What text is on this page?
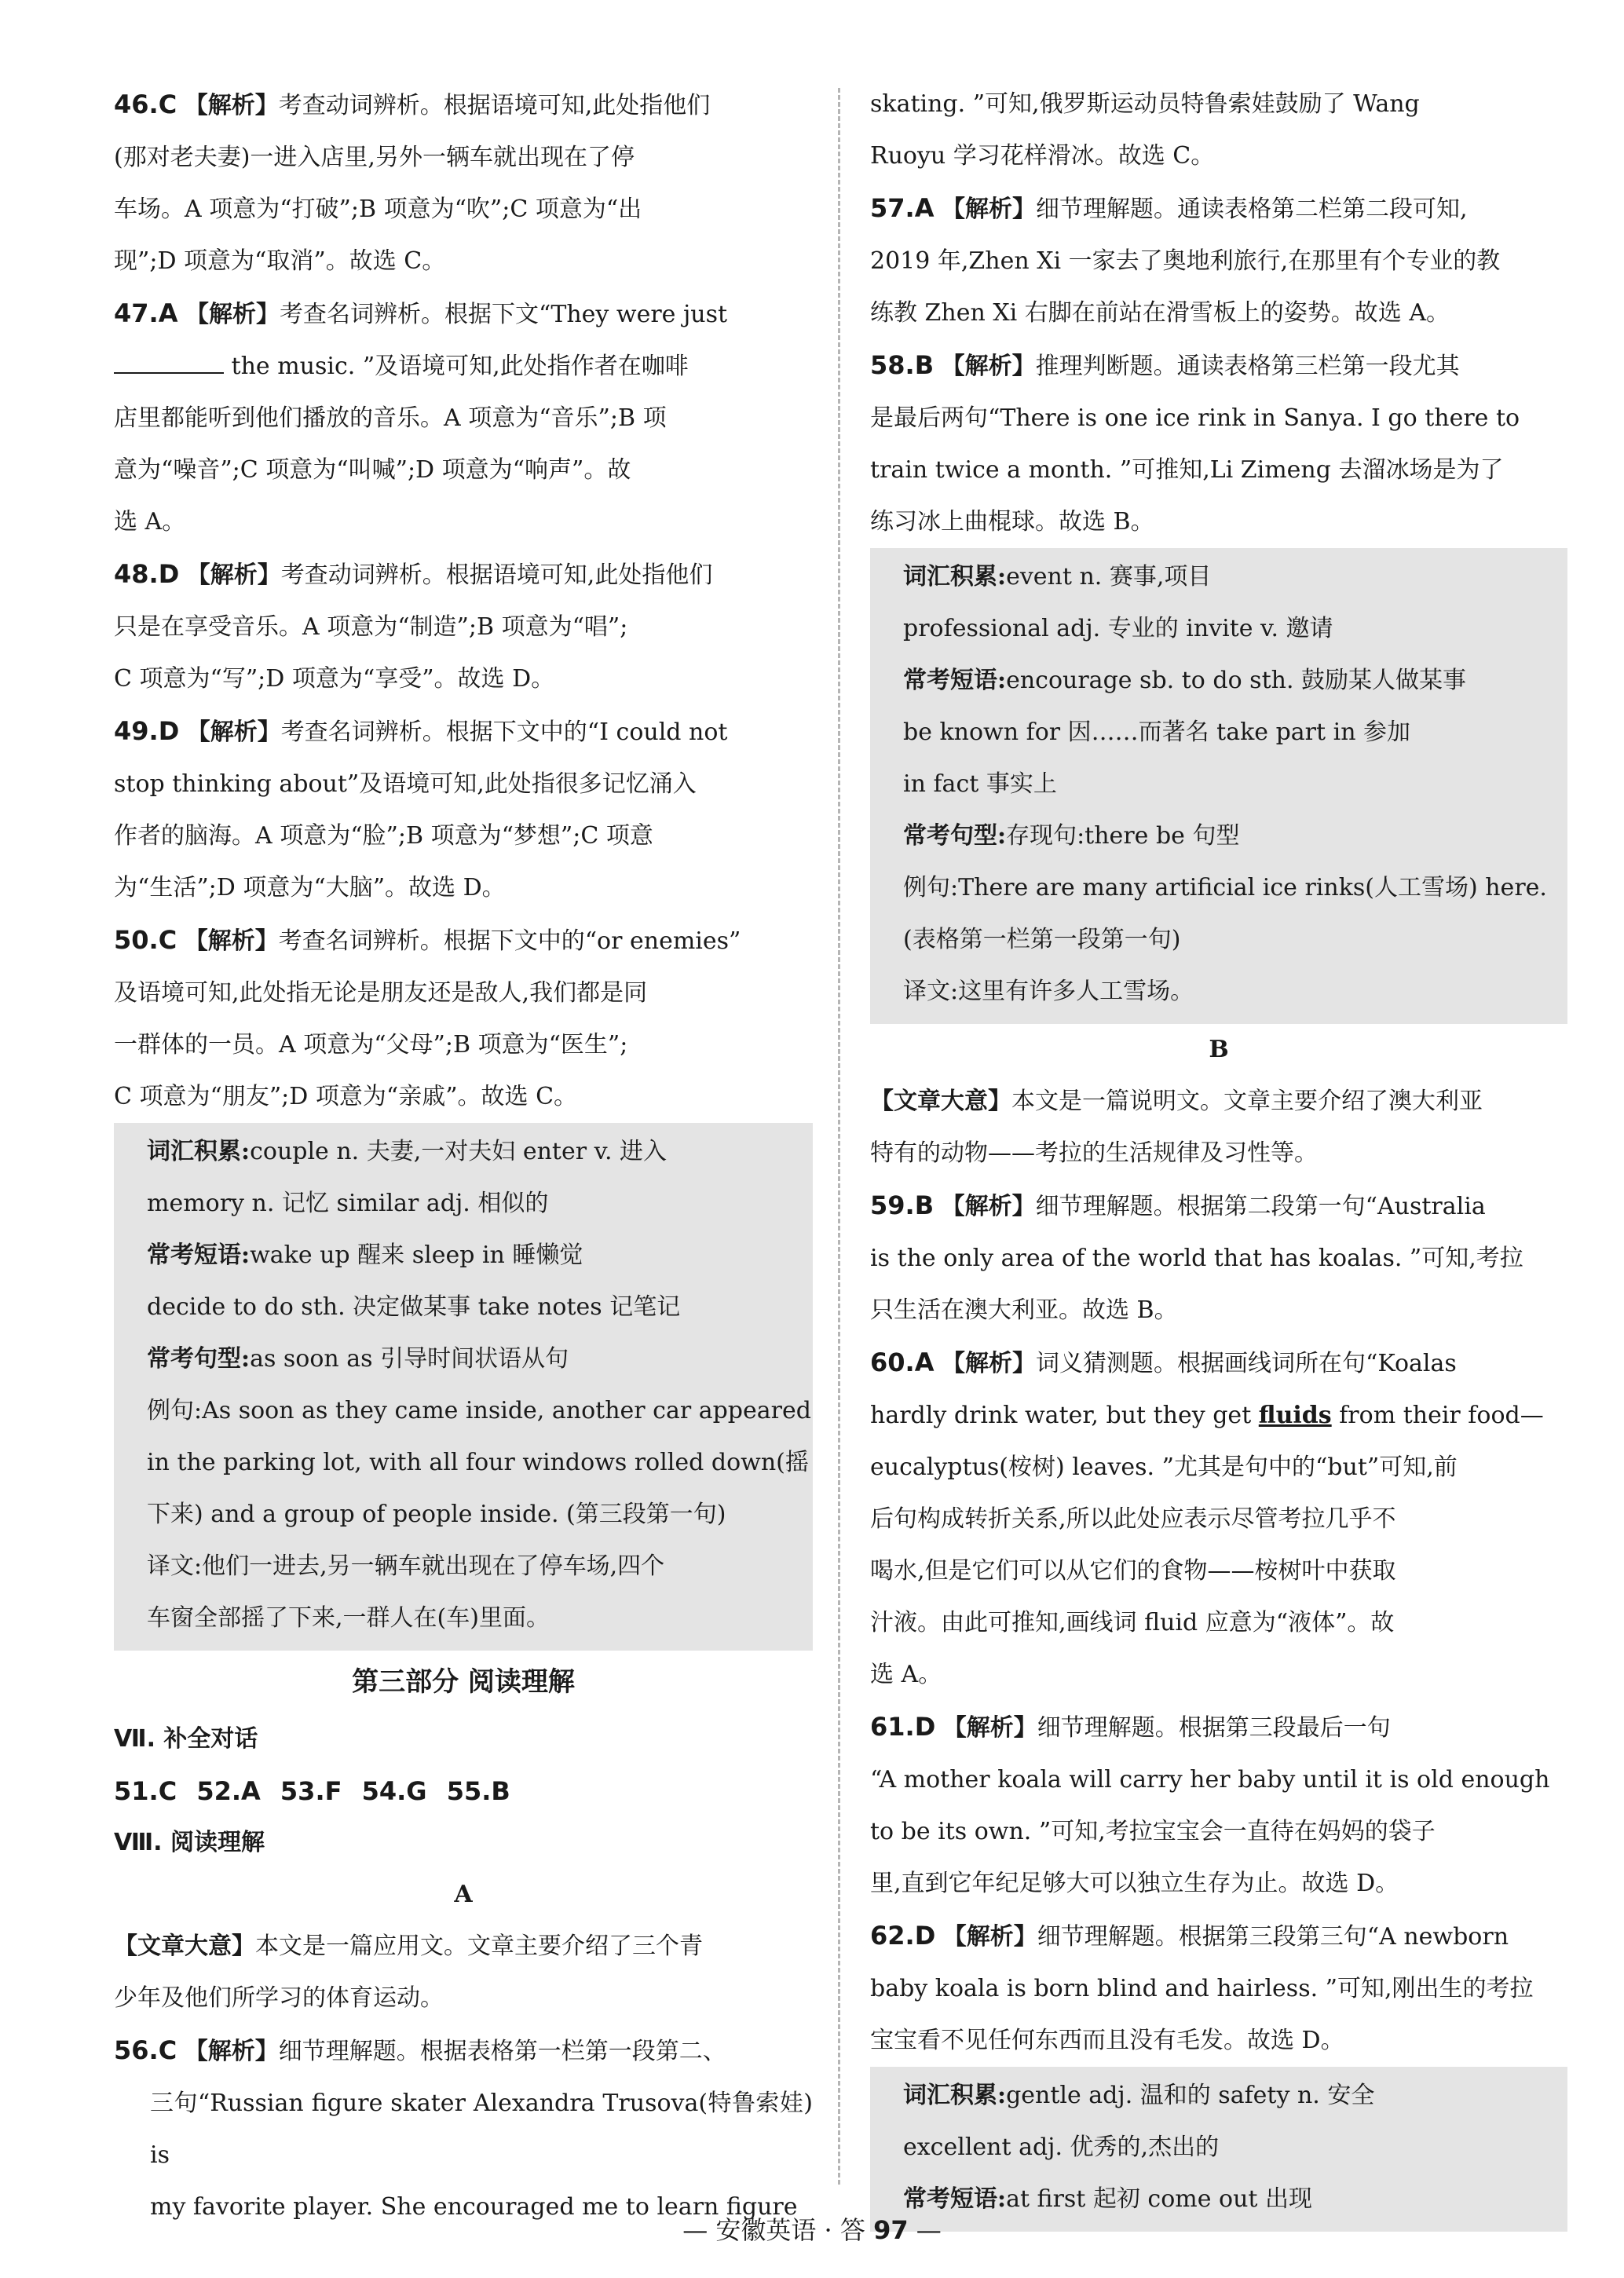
46.C 【解析】考查动词辨析。根据语境可知,此处指他们

(那对老夫妻)一进入店里,另外一辆车就出现在了停

车场。A 项意为“打破”;B 项意为“吹”;C 项意为“出

现”;D 项意为“取消”。故选 C。

47.A 【解析】考查名词辨析。根据下文“They were just

the music. ”及语境可知,此处指作者在咖啡

店里都能听到他们播放的音乐。A 项意为“音乐”;B 项

意为“噪音”;C 项意为“叫喊”;D 项意为“响声”。故

选 A。

48.D 【解析】考查动词辨析。根据语境可知,此处指他们

只是在享受音乐。A 项意为“制造”;B 项意为“唱”;

C 项意为“写”;D 项意为“享受”。故选 D。

49.D 【解析】考查名词辨析。根据下文中的“I could not

stop thinking about”及语境可知,此处指很多记忆涌入

作者的脑海。A 项意为“脸”;B 项意为“梦想”;C 项意

为“生活”;D 项意为“大脑”。故选 D。

50.C 【解析】考查名词辨析。根据下文中的“or enemies”

及语境可知,此处指无论是朋友还是敌人,我们都是同

一群体的一员。A 项意为“父母”;B 项意为“医生”;

C 项意为“朋友”;D 项意为“亲戚”。故选 C。

词汇积累:couple n. 夫妻,一对夫妇 enter v. 进入

memory n. 记忆 similar adj. 相似的

常考短语:wake up 醒来 sleep in 睡懒觉

decide to do sth. 决定做某事 take notes 记笔记

常考句型:as soon as 引导时间状语从句

例句:As soon as they came inside, another car appeared

in the parking lot, with all four windows rolled down(摇

下来) and a group of people inside. (第三段第一句)

译文:他们一进去,另一辆车就出现在了停车场,四个

车窗全部摇了下来,一群人在(车)里面。

第三部分 阅读理解

Ⅶ. 补全对话

51.C 52.A 53.F 54.G 55.B

Ⅷ. 阅读理解

A

【文章大意】本文是一篇应用文。文章主要介绍了三个青

少年及他们所学习的体育运动。

56.C 【解析】细节理解题。根据表格第一栏第一段第二、

三句“Russian figure skater Alexandra Trusova(特鲁索娃) is

my favorite player. She encouraged me to learn figure

skating. ”可知,俄罗斯运动员特鲁索娃鼓励了 Wang

Ruoyu 学习花样滑冰。故选 C。

57.A 【解析】细节理解题。通读表格第二栏第二段可知,

2019 年,Zhen Xi 一家去了奥地利旅行,在那里有个专业的教

练教 Zhen Xi 右脚在前站在滑雪板上的姿势。故选 A。

58.B 【解析】推理判断题。通读表格第三栏第一段尤其

是最后两句“There is one ice rink in Sanya. I go there to

train twice a month. ”可推知,Li Zimeng 去溜冰场是为了

练习冰上曲棍球。故选 B。

词汇积累:event n. 赛事,项目

professional adj. 专业的 invite v. 邀请

常考短语:encourage sb. to do sth. 鼓励某人做某事

be known for 因……而著名 take part in 参加

in fact 事实上

常考句型:存现句:there be 句型

例句:There are many artificial ice rinks(人工雪场) here.

(表格第一栏第一段第一句)

译文:这里有许多人工雪场。

B

【文章大意】本文是一篇说明文。文章主要介绍了澳大利亚

特有的动物——考拉的生活规律及习性等。

59.B 【解析】细节理解题。根据第二段第一句“Australia

is the only area of the world that has koalas. ”可知,考拉

只生活在澳大利亚。故选 B。

60.A 【解析】词义猜测题。根据画线词所在句“Koalas

hardly drink water, but they get fluids from their food—

eucalyptus(桉树) leaves. ”尤其是句中的“but”可知,前

后句构成转折关系,所以此处应表示尽管考拉几乎不

喝水,但是它们可以从它们的食物——桉树叶中获取

汁液。由此可推知,画线词 fluid 应意为“液体”。故

选 A。

61.D 【解析】细节理解题。根据第三段最后一句

“A mother koala will carry her baby until it is old enough

to be its own. ”可知,考拉宝宝会一直待在妈妈的袋子

里,直到它年纪足够大可以独立生存为止。故选 D。

62.D 【解析】细节理解题。根据第三段第三句“A newborn

baby koala is born blind and hairless. ”可知,刚出生的考拉

宝宝看不见任何东西而且没有毛发。故选 D。

词汇积累:gentle adj. 温和的 safety n. 安全

excellent adj. 优秀的,杰出的

常考短语:at first 起初 come out 出现

— 安徽英语 · 答 97 —
